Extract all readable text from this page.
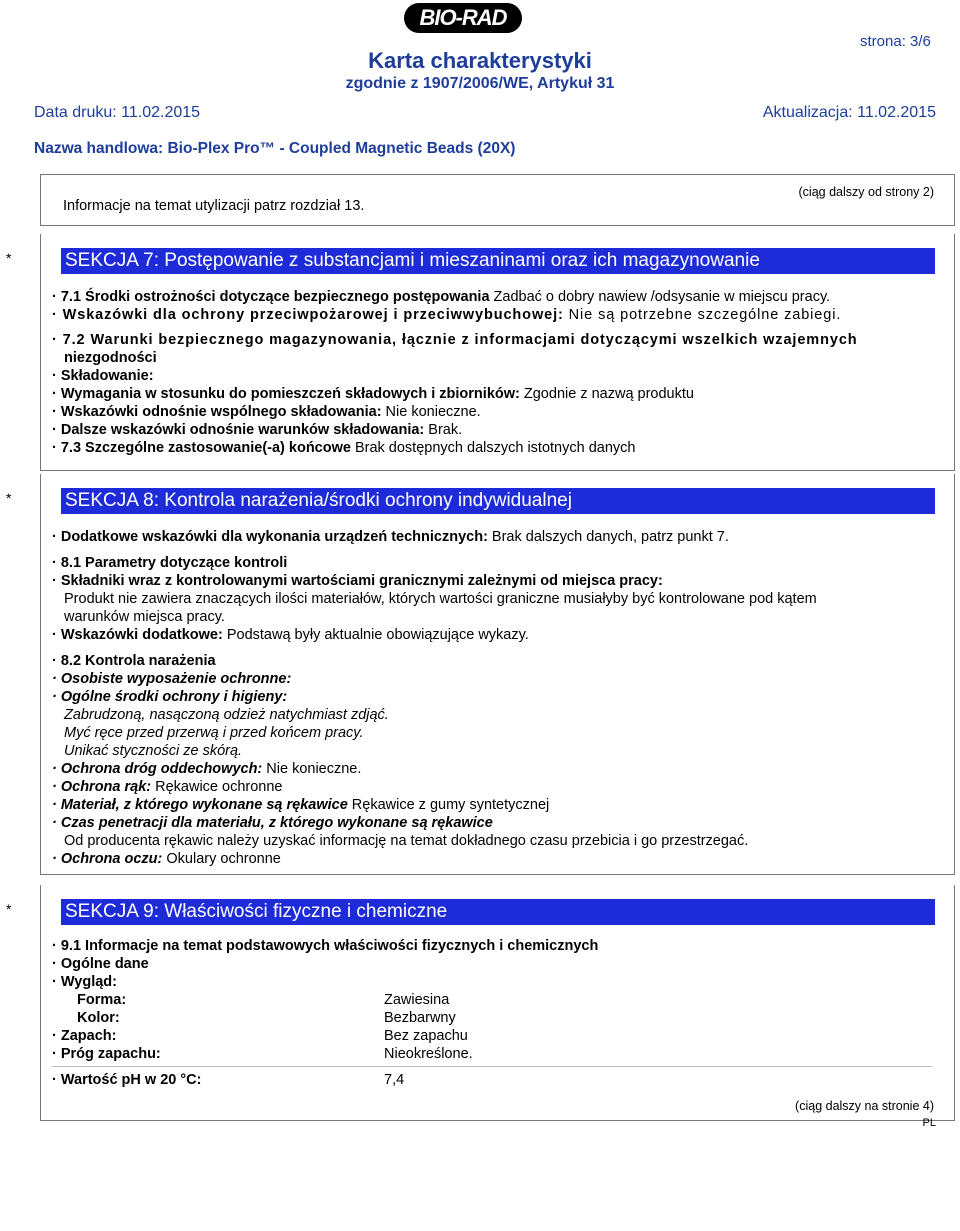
BIO-RAD
strona: 3/6
Karta charakterystyki
zgodnie z 1907/2006/WE, Artykuł 31
Data druku: 11.02.2015	Aktualizacja: 11.02.2015
Nazwa handlowa: Bio-Plex Pro™ - Coupled Magnetic Beads (20X)
Informacje na temat utylizacji patrz rozdział 13.
(ciąg dalszy od strony 2)
*	SEKCJA 7: Postępowanie z substancjami i mieszaninami oraz ich magazynowanie
· 7.1 Środki ostrożności dotyczące bezpiecznego postępowania Zadbać o dobry nawiew /odsysanie w miejscu pracy.
· Wskazówki dla ochrony przeciwpożarowej i przeciwwybuchowej: Nie są potrzebne szczególne zabiegi.
· 7.2 Warunki bezpiecznego magazynowania, łącznie z informacjami dotyczącymi wszelkich wzajemnych
niezgodności
· Składowanie:
· Wymagania w stosunku do pomieszczeń składowych i zbiorników: Zgodnie z nazwą produktu
· Wskazówki odnośnie wspólnego składowania: Nie konieczne.
· Dalsze wskazówki odnośnie warunków składowania: Brak.
· 7.3 Szczególne zastosowanie(-a) końcowe Brak dostępnych dalszych istotnych danych
*	SEKCJA 8: Kontrola narażenia/środki ochrony indywidualnej
· Dodatkowe wskazówki dla wykonania urządzeń technicznych: Brak dalszych danych, patrz punkt 7.
· 8.1 Parametry dotyczące kontroli
· Składniki wraz z kontrolowanymi wartościami granicznymi zależnymi od miejsca pracy:
Produkt nie zawiera znaczących ilości materiałów, których wartości graniczne musiałyby być kontrolowane pod kątem
warunków miejsca pracy.
· Wskazówki dodatkowe: Podstawą były aktualnie obowiązujące wykazy.
· 8.2 Kontrola narażenia
· Osobiste wyposażenie ochronne:
· Ogólne środki ochrony i higieny:
Zabrudzoną, nasączoną odzież natychmiast zdjąć.
Myć ręce przed przerwą i przed końcem pracy.
Unikać styczności ze skórą.
· Ochrona dróg oddechowych: Nie konieczne.
· Ochrona rąk: Rękawice ochronne
· Materiał, z którego wykonane są rękawice Rękawice z gumy syntetycznej
· Czas penetracji dla materiału, z którego wykonane są rękawice
Od producenta rękawic należy uzyskać informację na temat dokładnego czasu przebicia i go przestrzegać.
· Ochrona oczu: Okulary ochronne
*	SEKCJA 9: Właściwości fizyczne i chemiczne
· 9.1 Informacje na temat podstawowych właściwości fizycznych i chemicznych
· Ogólne dane
· Wygląd:
Forma:	Zawiesina
Kolor:	Bezbarwny
· Zapach:	Bez zapachu
· Próg zapachu:	Nieokreślone.
· Wartość pH w 20 °C:	7,4
(ciąg dalszy na stronie 4)
PL
